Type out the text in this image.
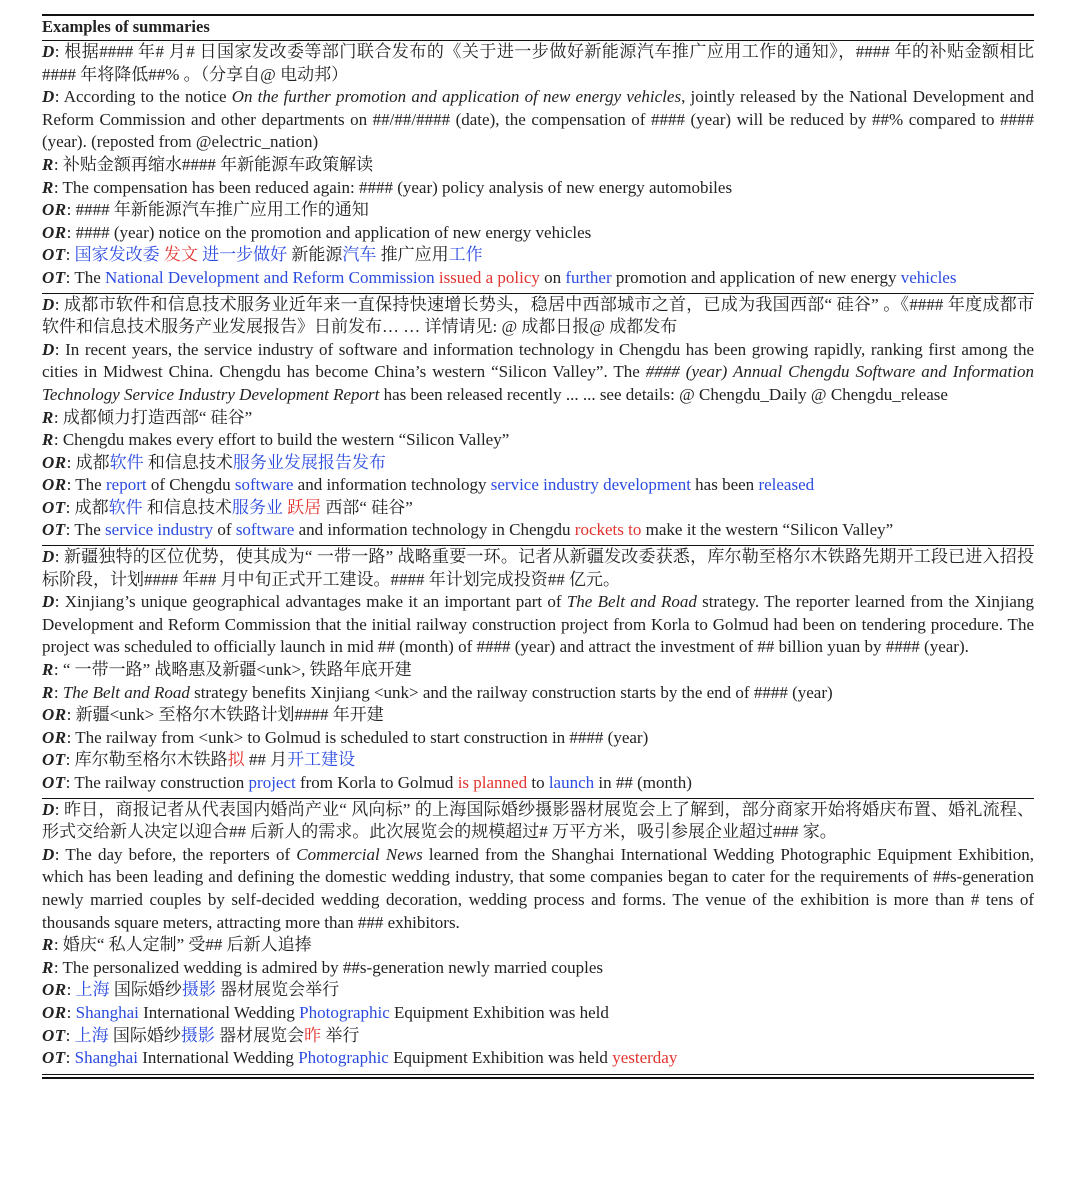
Examples of summaries

D: 根据#### 年# 月# 日国家发改委等部门联合发布的《关于进一步做好新能源汽车推广应用工作的通知》，#### 年的补贴金额相比#### 年将降低##% 。（分享自@ 电动邦）

D: According to the notice On the further promotion and application of new energy vehicles, jointly released by the National Development and Reform Commission and other departments on ##/##/#### (date), the compensation of #### (year) will be reduced by ##% compared to #### (year). (reposted from @electric_nation)

R: 补贴金额再缩水#### 年新能源车政策解读

R: The compensation has been reduced again: #### (year) policy analysis of new energy automobiles

OR: #### 年新能源汽车推广应用工作的通知

OR: #### (year) notice on the promotion and application of new energy vehicles

OT: 国家发改委 发文 进一步做好 新能源汽车 推广应用工作

OT: The National Development and Reform Commission issued a policy on further promotion and application of new energy vehicles

D: 成都市软件和信息技术服务业近年来一直保持快速增长势头，稳居中西部城市之首，已成为我国西部“ 硅谷” 。《#### 年度成都市软件和信息技术服务产业发展报告》日前发布… … 详情请见: @ 成都日报@ 成都发布

D: In recent years, the service industry of software and information technology in Chengdu has been growing rapidly, ranking first among the cities in Midwest China. Chengdu has become China’s western “Silicon Valley”. The #### (year) Annual Chengdu Software and Information Technology Service Industry Development Report has been released recently ... ... see details: @ Chengdu_Daily @ Chengdu_release

R: 成都倾力打造西部“ 硅谷”

R: Chengdu makes every effort to build the western “Silicon Valley”

OR: 成都软件 和信息技术服务业发展报告发布

OR: The report of Chengdu software and information technology service industry development has been released

OT: 成都软件 和信息技术服务业 跃居 西部“ 硅谷”

OT: The service industry of software and information technology in Chengdu rockets to make it the western “Silicon Valley”

D: 新疆独特的区位优势，使其成为“ 一带一路” 战略重要一环。记者从新疆发改委获悉，库尔勒至格尔木铁路先期开工段已进入招投标阶段，计划#### 年## 月中旬正式开工建设。#### 年计划完成投资## 亿元。

D: Xinjiang’s unique geographical advantages make it an important part of The Belt and Road strategy. The reporter learned from the Xinjiang Development and Reform Commission that the initial railway construction project from Korla to Golmud had been on tendering procedure. The project was scheduled to officially launch in mid ## (month) of #### (year) and attract the investment of ## billion yuan by #### (year).

R: “ 一带一路” 战略惠及新疆<unk>, 铁路年底开建

R: The Belt and Road strategy benefits Xinjiang <unk> and the railway construction starts by the end of #### (year)

OR: 新疆<unk> 至格尔木铁路计划#### 年开建

OR: The railway from <unk> to Golmud is scheduled to start construction in #### (year)

OT: 库尔勒至格尔木铁路拟 ## 月开工建设

OT: The railway construction project from Korla to Golmud is planned to launch in ## (month)

D: 昨日，商报记者从代表国内婚尚产业“ 风向标” 的上海国际婚纱摄影器材展览会上了解到，部分商家开始将婚庆布置、婚礼流程、形式交给新人决定以迎合## 后新人的需求。此次展览会的规模超过# 万平方米，吸引参展企业超过### 家。

D: The day before, the reporters of Commercial News learned from the Shanghai International Wedding Photographic Equipment Exhibition, which has been leading and defining the domestic wedding industry, that some companies began to cater for the requirements of ##s-generation newly married couples by self-decided wedding decoration, wedding process and forms. The venue of the exhibition is more than # tens of thousands square meters, attracting more than ### exhibitors.

R: 婚庆“ 私人定制” 受## 后新人追捧

R: The personalized wedding is admired by ##s-generation newly married couples

OR: 上海 国际婚纱摄影 器材展览会举行

OR: Shanghai International Wedding Photographic Equipment Exhibition was held

OT: 上海 国际婚纱摄影 器材展览会昨 举行

OT: Shanghai International Wedding Photographic Equipment Exhibition was held yesterday
